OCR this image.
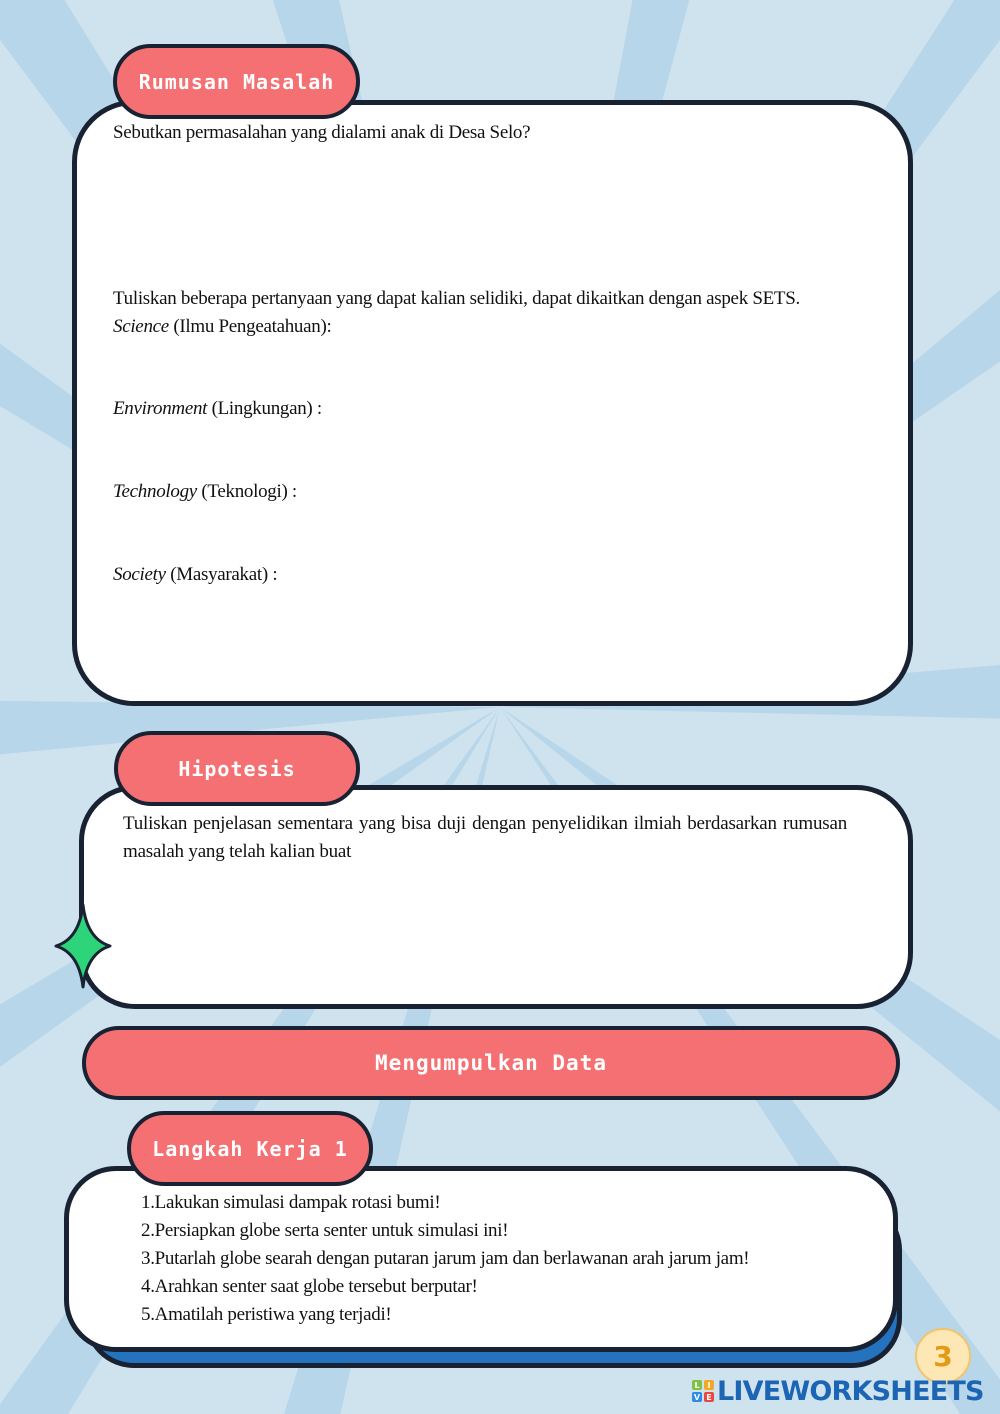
Rumusan Masalah
Sebutkan permasalahan yang dialami anak di Desa Selo?
Tuliskan beberapa pertanyaan yang dapat kalian selidiki, dapat dikaitkan dengan aspek SETS.
Science (Ilmu Pengeatahuan):
Environment (Lingkungan) :
Technology (Teknologi) :
Society (Masyarakat) :
Hipotesis
Tuliskan penjelasan sementara yang bisa duji dengan penyelidikan ilmiah berdasarkan rumusan masalah yang telah kalian buat
Mengumpulkan Data
Langkah Kerja 1
1.Lakukan simulasi dampak rotasi bumi!
2.Persiapkan globe serta senter untuk simulasi ini!
3.Putarlah globe searah dengan putaran jarum jam dan berlawanan arah jarum jam!
4.Arahkan senter saat globe tersebut berputar!
5.Amatilah peristiwa yang terjadi!
3
L I
V E LIVEWORKSHEETS
